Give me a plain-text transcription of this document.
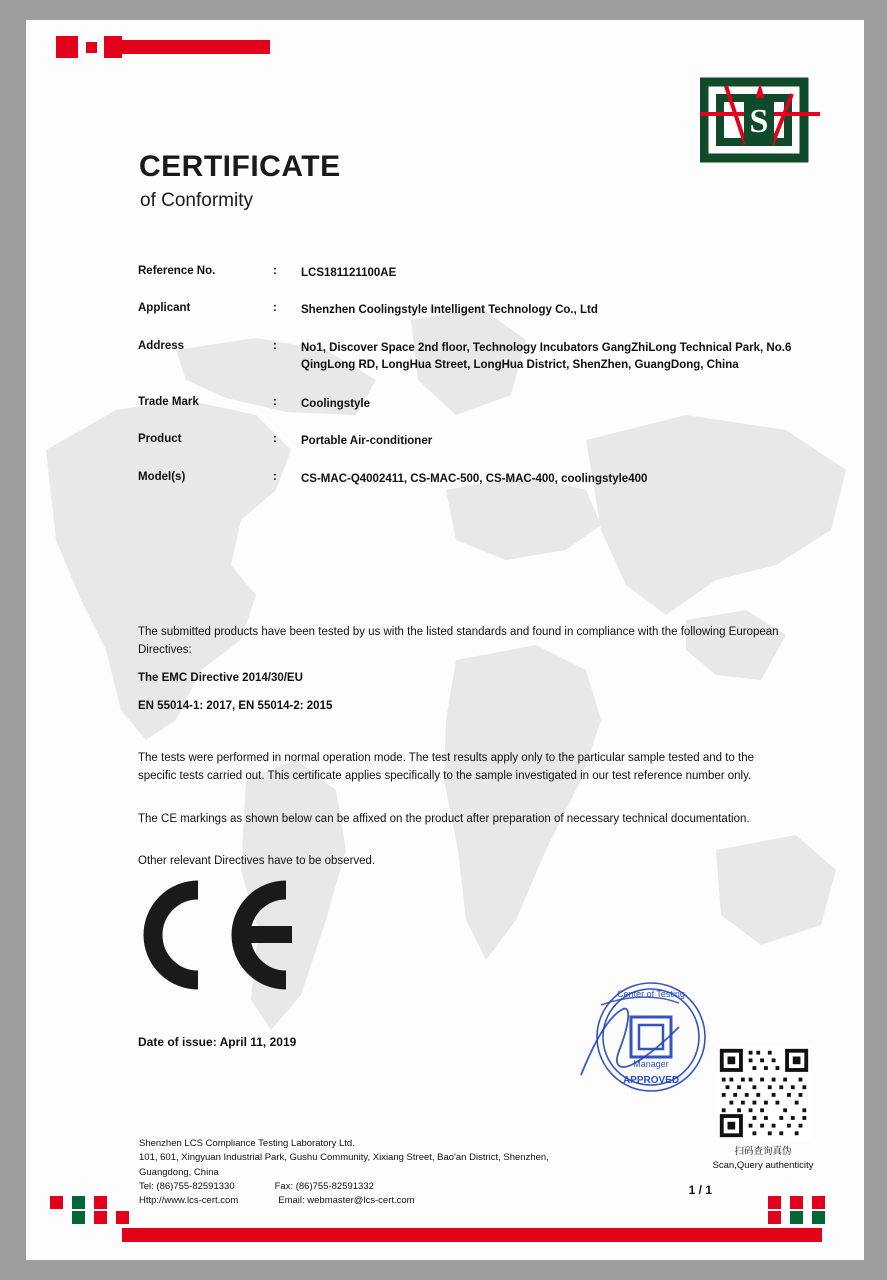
S
CERTIFICATE
of Conformity
Reference No.	:	LCS181121100AE
Applicant	:	Shenzhen Coolingstyle Intelligent Technology Co., Ltd
Address	:	No1, Discover Space 2nd floor, Technology Incubators GangZhiLong Technical Park, No.6 QingLong RD, LongHua Street, LongHua District, ShenZhen, GuangDong, China
Trade Mark	:	Coolingstyle
Product	:	Portable Air-conditioner
Model(s)	:	CS-MAC-Q4002411, CS-MAC-500, CS-MAC-400, coolingstyle400
The submitted products have been tested by us with the listed standards and found in compliance with the following European Directives:
The EMC Directive 2014/30/EU
EN 55014-1: 2017, EN 55014-2: 2015
The tests were performed in normal operation mode. The test results apply only to the particular sample tested and to the specific tests carried out. This certificate applies specifically to the sample investigated in our test reference number only.
The CE markings as shown below can be affixed on the product after preparation of necessary technical documentation.
Other relevant Directives have to be observed.
Date of issue: April 11, 2019
Center of Testing
Manager
APPROVED
扫码查询真伪
Scan,Query authenticity
Shenzhen LCS Compliance Testing Laboratory Ltd.
101, 601, Xingyuan Industrial Park, Gushu Community, Xixiang Street, Bao'an District, Shenzhen,
Guangdong, China
Tel: (86)755-82591330	Fax: (86)755-82591332
Http://www.lcs-cert.com	Email: webmaster@lcs-cert.com
1 / 1
